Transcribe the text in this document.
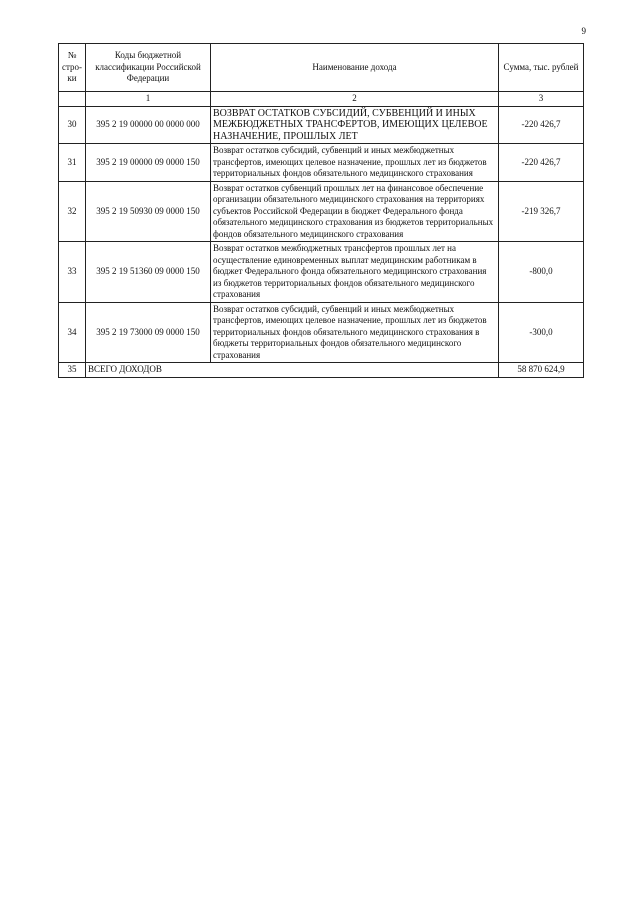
9
№ стро-ки	Коды бюджетной классификации Российской Федерации	Наименование дохода	Сумма, тыс. рублей
	1	2	3
30	395 2 19 00000 00 0000 000	ВОЗВРАТ ОСТАТКОВ СУБСИДИЙ, СУБВЕНЦИЙ И ИНЫХ МЕЖБЮДЖЕТНЫХ ТРАНСФЕРТОВ, ИМЕЮЩИХ ЦЕЛЕВОЕ НАЗНАЧЕНИЕ, ПРОШЛЫХ ЛЕТ	-220 426,7
31	395 2 19 00000 09 0000 150	Возврат остатков субсидий, субвенций и иных межбюджетных трансфертов, имеющих целевое назначение, прошлых лет из бюджетов территориальных фондов обязательного медицинского страхования	-220 426,7
32	395 2 19 50930 09 0000 150	Возврат остатков субвенций прошлых лет на финансовое обеспечение организации обязательного медицинского страхования на территориях субъектов Российской Федерации в бюджет Федерального фонда обязательного медицинского страхования из бюджетов территориальных фондов обязательного медицинского страхования	-219 326,7
33	395 2 19 51360 09 0000 150	Возврат остатков межбюджетных трансфертов прошлых лет на осуществление единовременных выплат медицинским работникам в бюджет Федерального фонда обязательного медицинского страхования из бюджетов территориальных фондов обязательного медицинского страхования	-800,0
34	395 2 19 73000 09 0000 150	Возврат остатков субсидий, субвенций и иных межбюджетных трансфертов, имеющих целевое назначение, прошлых лет из бюджетов территориальных фондов обязательного медицинского страхования в бюджеты территориальных фондов обязательного медицинского страхования	-300,0
35	ВСЕГО ДОХОДОВ		58 870 624,9
